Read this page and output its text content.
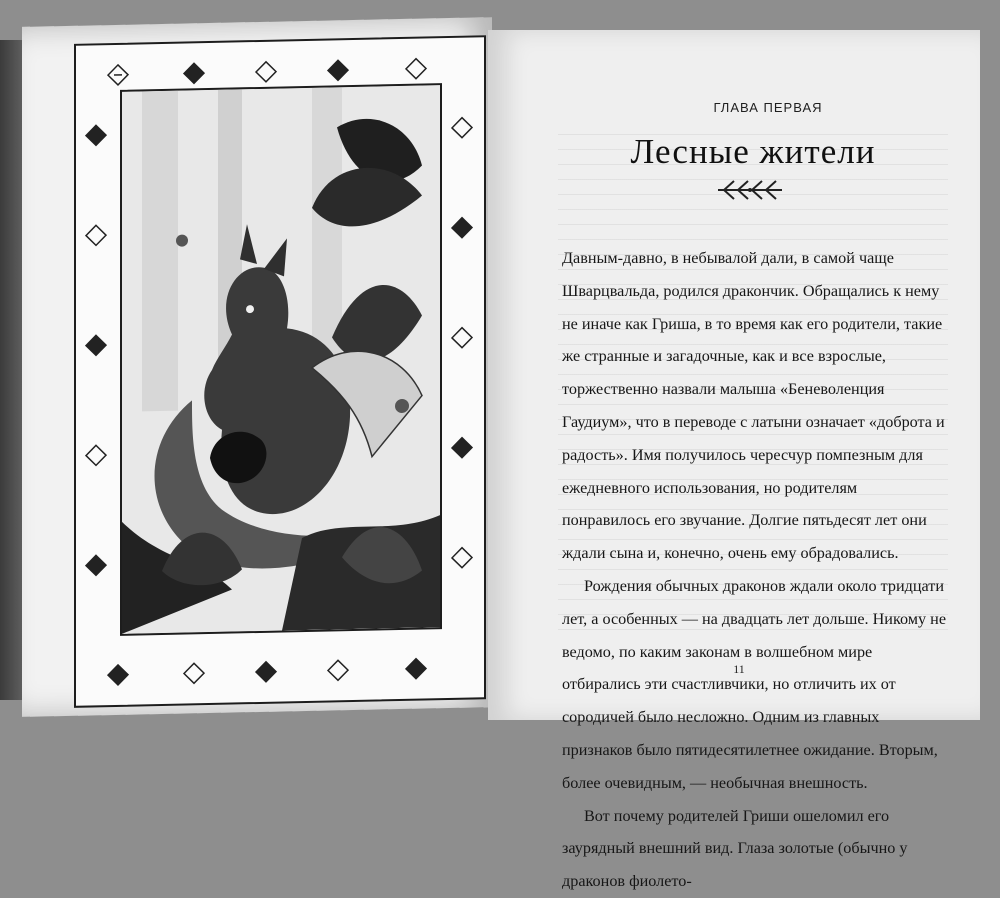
ГЛАВА ПЕРВАЯ
Лесные жители

Давным-давно, в небывалой дали, в самой чаще Шварцвальда, родился дракончик. Обращались к нему не иначе как Гриша, в то время как его родители, такие же странные и загадочные, как и все взрослые, торжественно назвали малыша «Беневоленция Гаудиум», что в переводе с латыни означает «доброта и радость». Имя получилось чересчур помпезным для ежедневного использования, но родителям понравилось его звучание. Долгие пятьдесят лет они ждали сына и, конечно, очень ему обрадовались.

Рождения обычных драконов ждали около тридцати лет, а особенных — на двадцать лет дольше. Никому не ведомо, по каким законам в волшебном мире отбирались эти счастливчики, но отличить их от сородичей было несложно. Одним из главных признаков было пятидесятилетнее ожидание. Вторым, более очевидным, — необычная внешность.

Вот почему родителей Гриши ошеломил его заурядный внешний вид. Глаза золотые (обычно у драконов фиолето-

11
